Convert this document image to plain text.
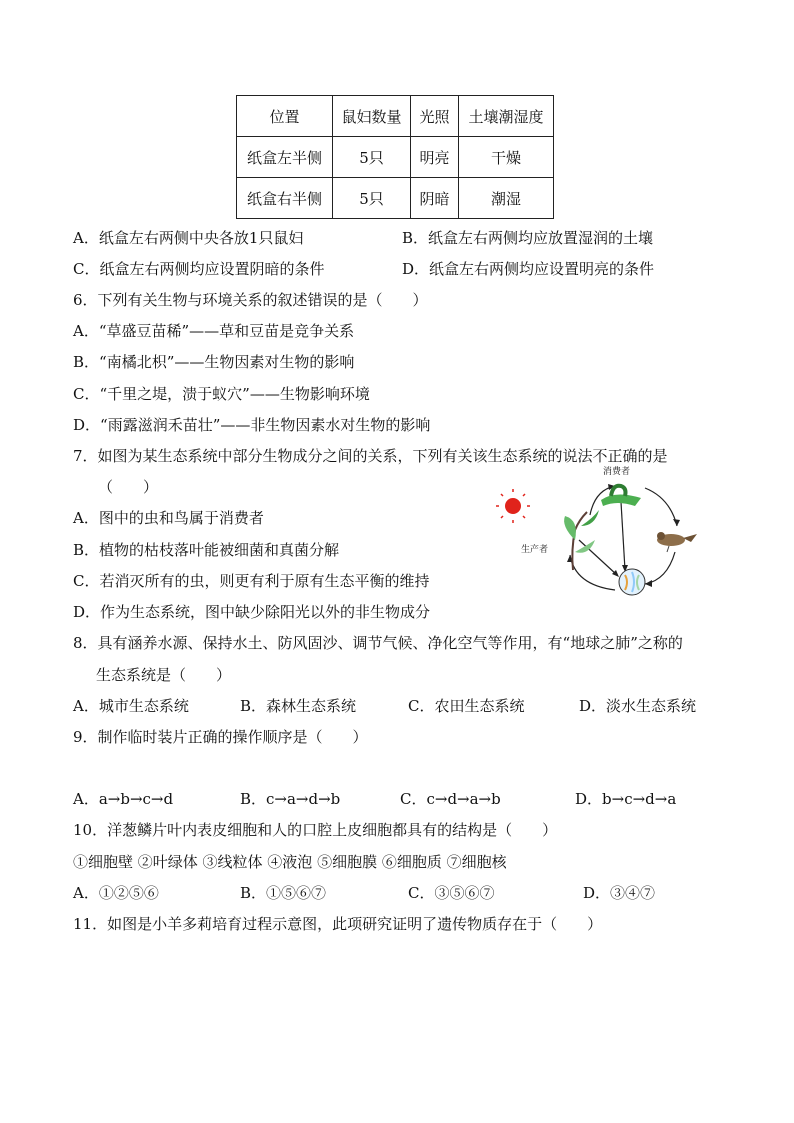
位置	鼠妇数量	光照	土壤潮湿度
纸盒左半侧	5只	明亮	干燥
纸盒右半侧	5只	阴暗	潮湿
A．纸盒左右两侧中央各放1只鼠妇	B．纸盒左右两侧均应放置湿润的土壤
C．纸盒左右两侧均应设置阴暗的条件	D．纸盒左右两侧均应设置明亮的条件
6．下列有关生物与环境关系的叙述错误的是（　　）
A．“草盛豆苗稀”——草和豆苗是竞争关系
B．“南橘北枳”——生物因素对生物的影响
C．“千里之堤，溃于蚁穴”——生物影响环境
D．“雨露滋润禾苗壮”——非生物因素水对生物的影响
7．如图为某生态系统中部分生物成分之间的关系，下列有关该生态系统的说法不正确的是
（　　）
A．图中的虫和鸟属于消费者
B．植物的枯枝落叶能被细菌和真菌分解
C．若消灭所有的虫，则更有利于原有生态平衡的维持
D．作为生态系统，图中缺少除阳光以外的非生物成分
消费者
生产者
8．具有涵养水源、保持水土、防风固沙、调节气候、净化空气等作用，有“地球之肺”之称的
生态系统是（　　）
A．城市生态系统	B．森林生态系统	C．农田生态系统	D．淡水生态系统
9．制作临时装片正确的操作顺序是（　　）
A．a→b→c→d	B．c→a→d→b	C．c→d→a→b	D．b→c→d→a
10．洋葱鳞片叶内表皮细胞和人的口腔上皮细胞都具有的结构是（　　）
①细胞壁 ②叶绿体 ③线粒体 ④液泡 ⑤细胞膜 ⑥细胞质 ⑦细胞核
A．①②⑤⑥	B．①⑤⑥⑦	C．③⑤⑥⑦	D．③④⑦
11．如图是小羊多莉培育过程示意图，此项研究证明了遗传物质存在于（　　）
